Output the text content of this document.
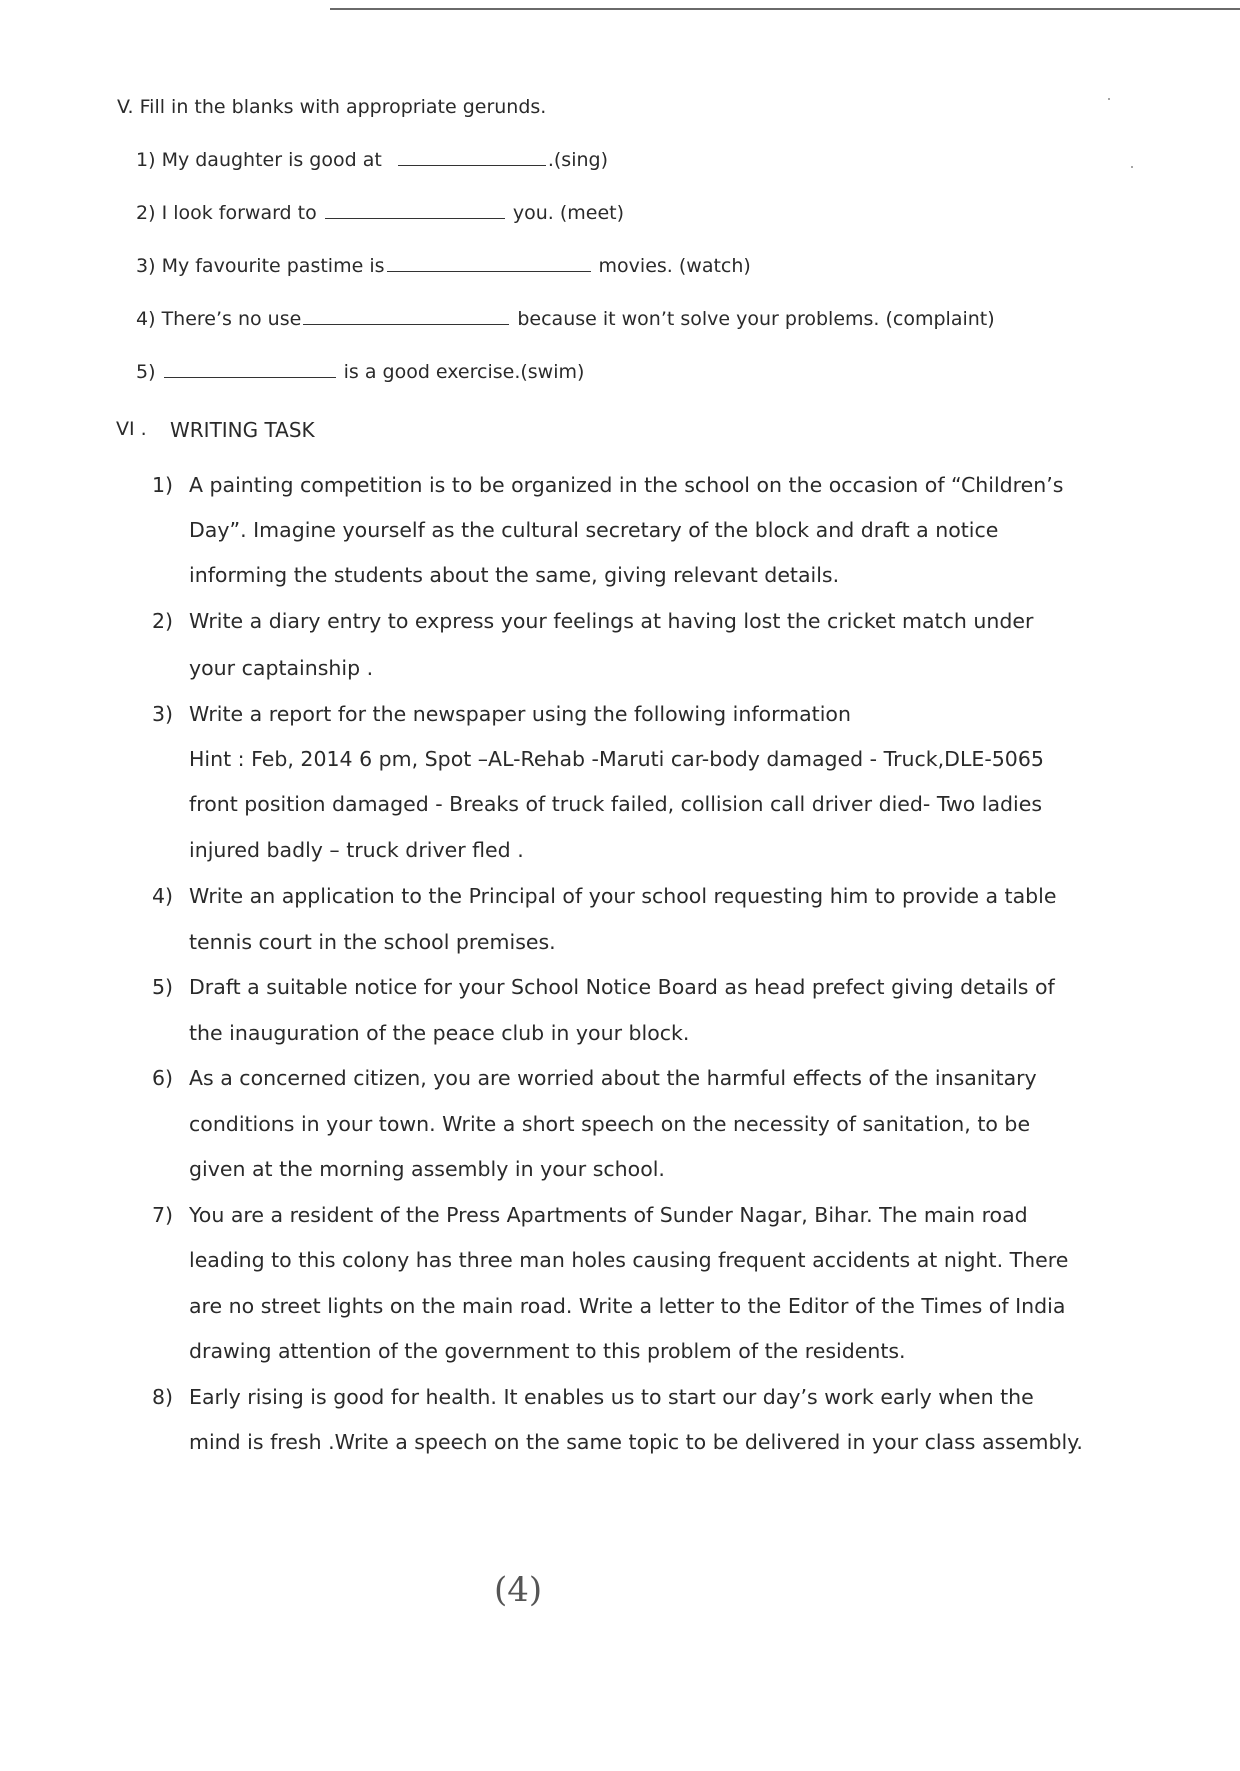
V. Fill in the blanks with appropriate gerunds.
1) My daughter is good at	.(sing)
2) I look forward to	you. (meet)
3) My favourite pastime is	movies. (watch)
4) There’s no use	because it won’t solve your problems. (complaint)
5)	is a good exercise.(swim)
VI . WRITING TASK
1) A painting competition is to be organized in the school on the occasion of “Children’s
Day”. Imagine yourself as the cultural secretary of the block and draft a notice
informing the students about the same, giving relevant details.
2) Write a diary entry to express your feelings at having lost the cricket match under
your captainship .
3) Write a report for the newspaper using the following information
Hint : Feb, 2014 6 pm, Spot –AL-Rehab -Maruti car-body damaged - Truck,DLE-5065
front position damaged - Breaks of truck failed, collision call driver died- Two ladies
injured badly – truck driver fled .
4) Write an application to the Principal of your school requesting him to provide a table
tennis court in the school premises.
5) Draft a suitable notice for your School Notice Board as head prefect giving details of
the inauguration of the peace club in your block.
6) As a concerned citizen, you are worried about the harmful effects of the insanitary
conditions in your town. Write a short speech on the necessity of sanitation, to be
given at the morning assembly in your school.
7) You are a resident of the Press Apartments of Sunder Nagar, Bihar. The main road
leading to this colony has three man holes causing frequent accidents at night. There
are no street lights on the main road. Write a letter to the Editor of the Times of India
drawing attention of the government to this problem of the residents.
8) Early rising is good for health. It enables us to start our day’s work early when the
mind is fresh .Write a speech on the same topic to be delivered in your class assembly.
(4)
